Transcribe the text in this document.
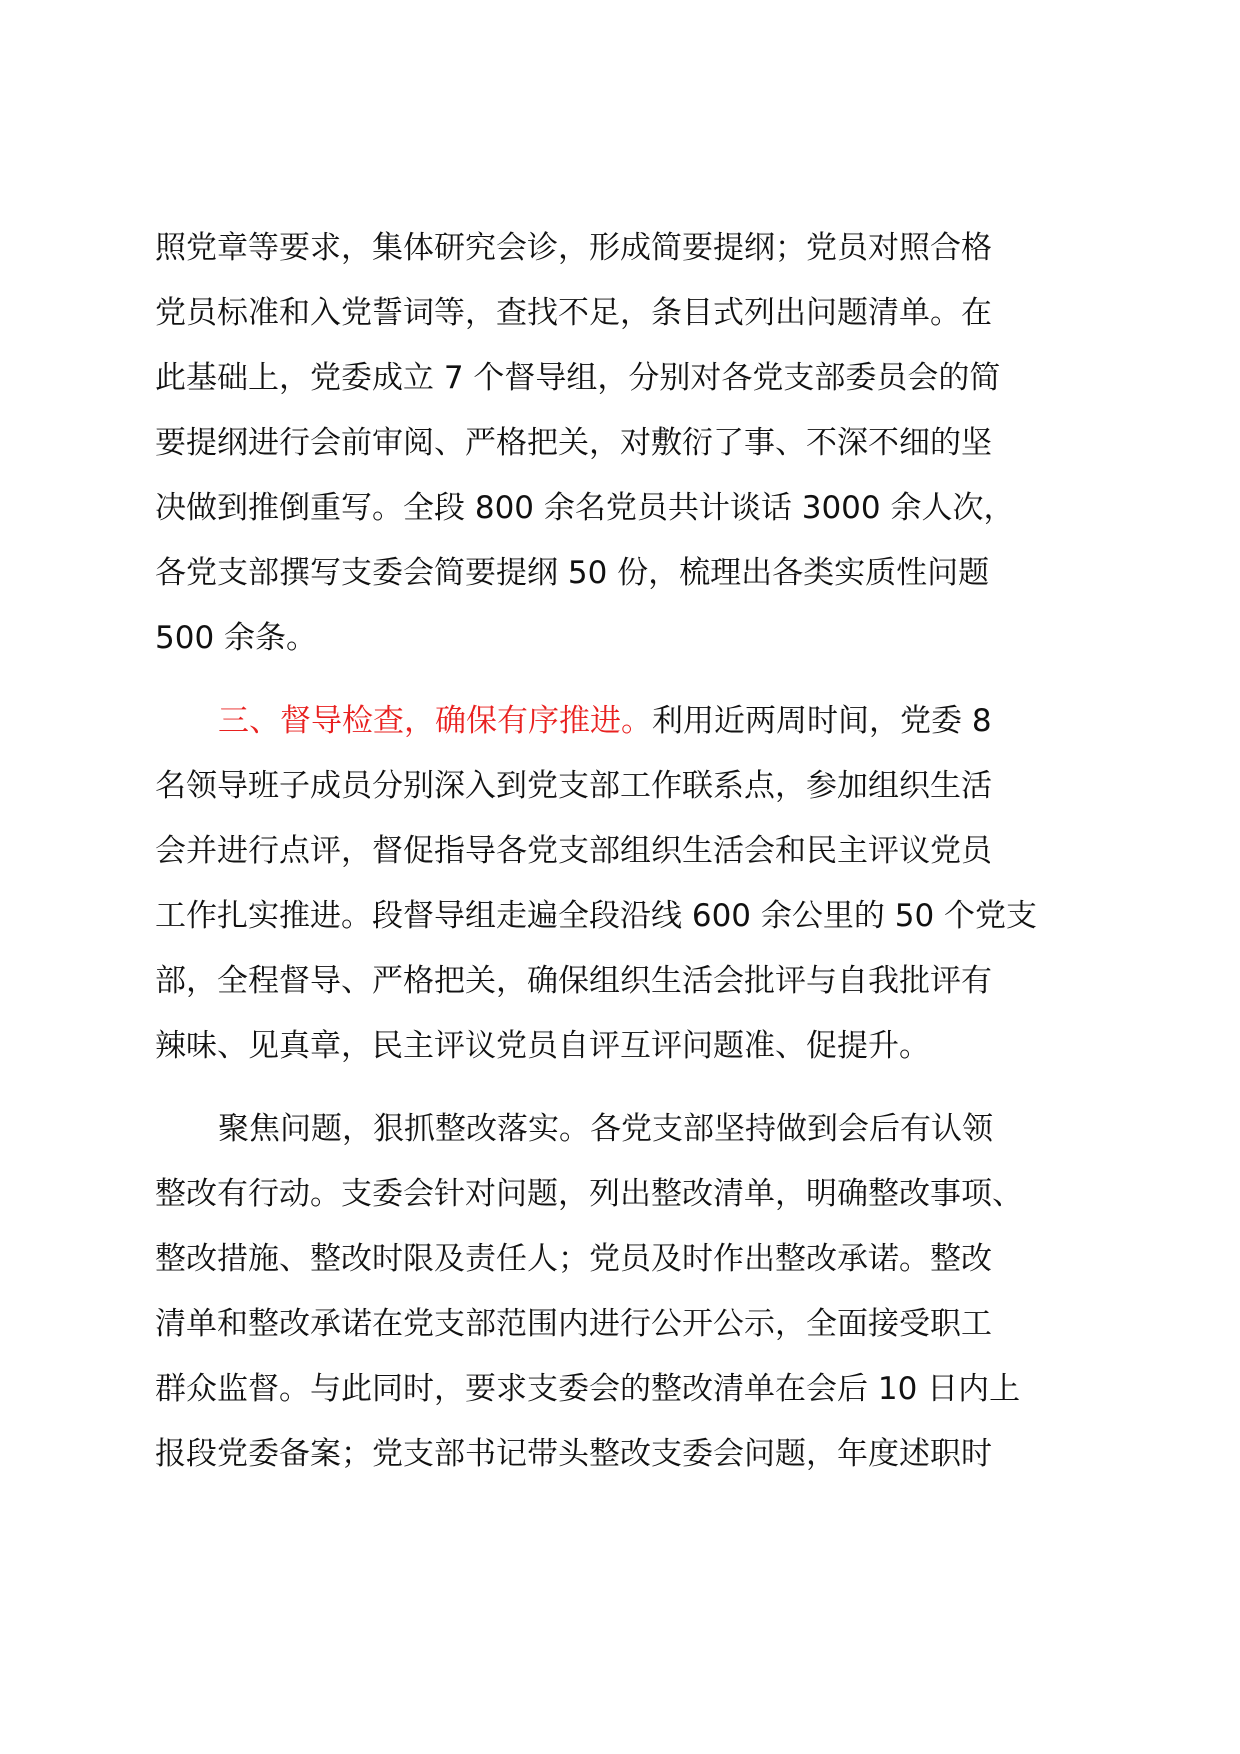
照党章等要求，集体研究会诊，形成简要提纲；党员对照合格
党员标准和入党誓词等，查找不足，条目式列出问题清单。在
此基础上，党委成立 7 个督导组，分别对各党支部委员会的简
要提纲进行会前审阅、严格把关，对敷衍了事、不深不细的坚
决做到推倒重写。全段 800 余名党员共计谈话 3000 余人次，
各党支部撰写支委会简要提纲 50 份，梳理出各类实质性问题
500 余条。
三、督导检查，确保有序推进。利用近两周时间，党委 8
名领导班子成员分别深入到党支部工作联系点，参加组织生活
会并进行点评，督促指导各党支部组织生活会和民主评议党员
工作扎实推进。段督导组走遍全段沿线 600 余公里的 50 个党支
部，全程督导、严格把关，确保组织生活会批评与自我批评有
辣味、见真章，民主评议党员自评互评问题准、促提升。
聚焦问题，狠抓整改落实。各党支部坚持做到会后有认领
整改有行动。支委会针对问题，列出整改清单，明确整改事项、
整改措施、整改时限及责任人；党员及时作出整改承诺。整改
清单和整改承诺在党支部范围内进行公开公示，全面接受职工
群众监督。与此同时，要求支委会的整改清单在会后 10 日内上
报段党委备案；党支部书记带头整改支委会问题，年度述职时
